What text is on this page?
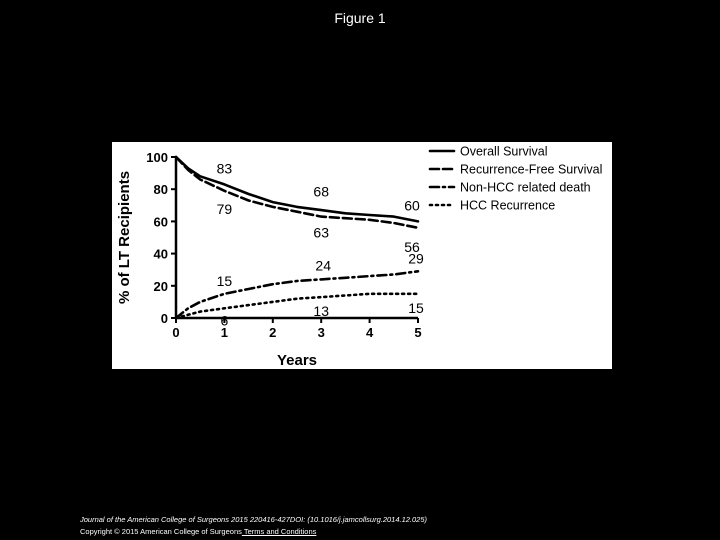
Figure 1
0	1	2	3	4	5
0
20
40
60
80
100
Years
% of LT Recipients
83
79
68
63
60
56
15
6
24
13
29
15
Overall Survival
Recurrence-Free Survival
Non-HCC related death
HCC Recurrence
Journal of the American College of Surgeons 2015 220416-427DOI: (10.1016/j.jamcollsurg.2014.12.025)
Copyright © 2015 American College of Surgeons Terms and Conditions
